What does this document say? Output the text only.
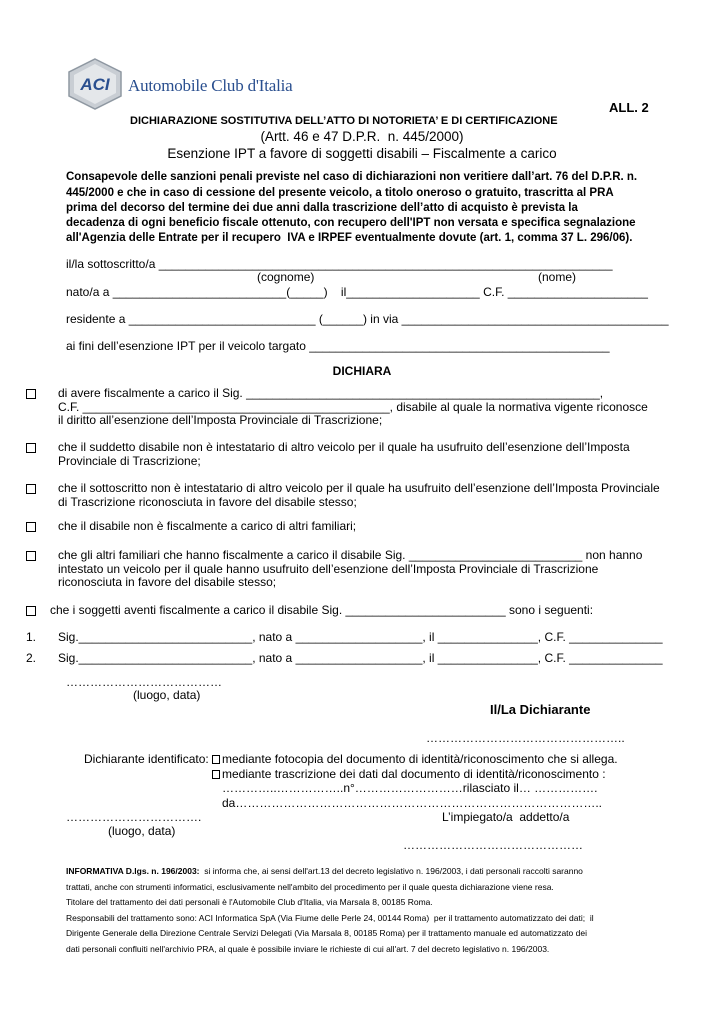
ACI Automobile Club d'Italia
ALL. 2
DICHIARAZIONE SOSTITUTIVA DELL’ATTO DI NOTORIETA’ E DI CERTIFICAZIONE
(Artt. 46 e 47 D.P.R.  n. 445/2000)
Esenzione IPT a favore di soggetti disabili – Fiscalmente a carico
Consapevole delle sanzioni penali previste nel caso di dichiarazioni non veritiere dall’art. 76 del D.P.R. n.
445/2000 e che in caso di cessione del presente veicolo, a titolo oneroso o gratuito, trascritta al PRA
prima del decorso del termine dei due anni dalla trascrizione dell’atto di acquisto è prevista la
decadenza di ogni beneficio fiscale ottenuto, con recupero dell'IPT non versata e specifica segnalazione
all'Agenzia delle Entrate per il recupero  IVA e IRPEF eventualmente dovute (art. 1, comma 37 L. 296/06).
il/la sottoscritto/a ____________________________________________________________________
(cognome)	(nome)
nato/a a __________________________(_____)    il____________________ C.F. _____________________
residente a ____________________________ (______) in via ________________________________________
ai fini dell’esenzione IPT per il veicolo targato _____________________________________________
DICHIARA
di avere fiscalmente a carico il Sig. _____________________________________________________,
C.F. ______________________________________________, disabile al quale la normativa vigente riconosce
il diritto all’esenzione dell’Imposta Provinciale di Trascrizione;
che il suddetto disabile non è intestatario di altro veicolo per il quale ha usufruito dell’esenzione dell’Imposta
Provinciale di Trascrizione;
che il sottoscritto non è intestatario di altro veicolo per il quale ha usufruito dell’esenzione dell’Imposta Provinciale
di Trascrizione riconosciuta in favore del disabile stesso;
che il disabile non è fiscalmente a carico di altri familiari;
che gli altri familiari che hanno fiscalmente a carico il disabile Sig. __________________________ non hanno
intestato un veicolo per il quale hanno usufruito dell’esenzione dell’Imposta Provinciale di Trascrizione
riconosciuta in favore del disabile stesso;
che i soggetti aventi fiscalmente a carico il disabile Sig. ________________________ sono i seguenti:
1. Sig.__________________________, nato a ___________________, il _______________, C.F. ______________
2. Sig.__________________________, nato a ___________________, il _______________, C.F. ______________
…………………………………
(luogo, data)
Il/La Dichiarante
…………………………………………..
Dichiarante identificato: mediante fotocopia del documento di identità/riconoscimento che si allega.
mediante trascrizione dei dati dal documento di identità/riconoscimento :
…………..……………..n°………………………rilasciato il… …………….
da………………………………………………………………………………..
…………………………….	L’impiegato/a  addetto/a
(luogo, data)
………………………………………
INFORMATIVA D.lgs. n. 196/2003:  si informa che, ai sensi dell'art.13 del decreto legislativo n. 196/2003, i dati personali raccolti saranno
trattati, anche con strumenti informatici, esclusivamente nell'ambito del procedimento per il quale questa dichiarazione viene resa.
Titolare del trattamento dei dati personali è l'Automobile Club d'Italia, via Marsala 8, 00185 Roma.
Responsabili del trattamento sono: ACI Informatica SpA (Via Fiume delle Perle 24, 00144 Roma)  per il trattamento automatizzato dei dati;  il
Dirigente Generale della Direzione Centrale Servizi Delegati (Via Marsala 8, 00185 Roma) per il trattamento manuale ed automatizzato dei
dati personali confluiti nell'archivio PRA, al quale è possibile inviare le richieste di cui all'art. 7 del decreto legislativo n. 196/2003.
